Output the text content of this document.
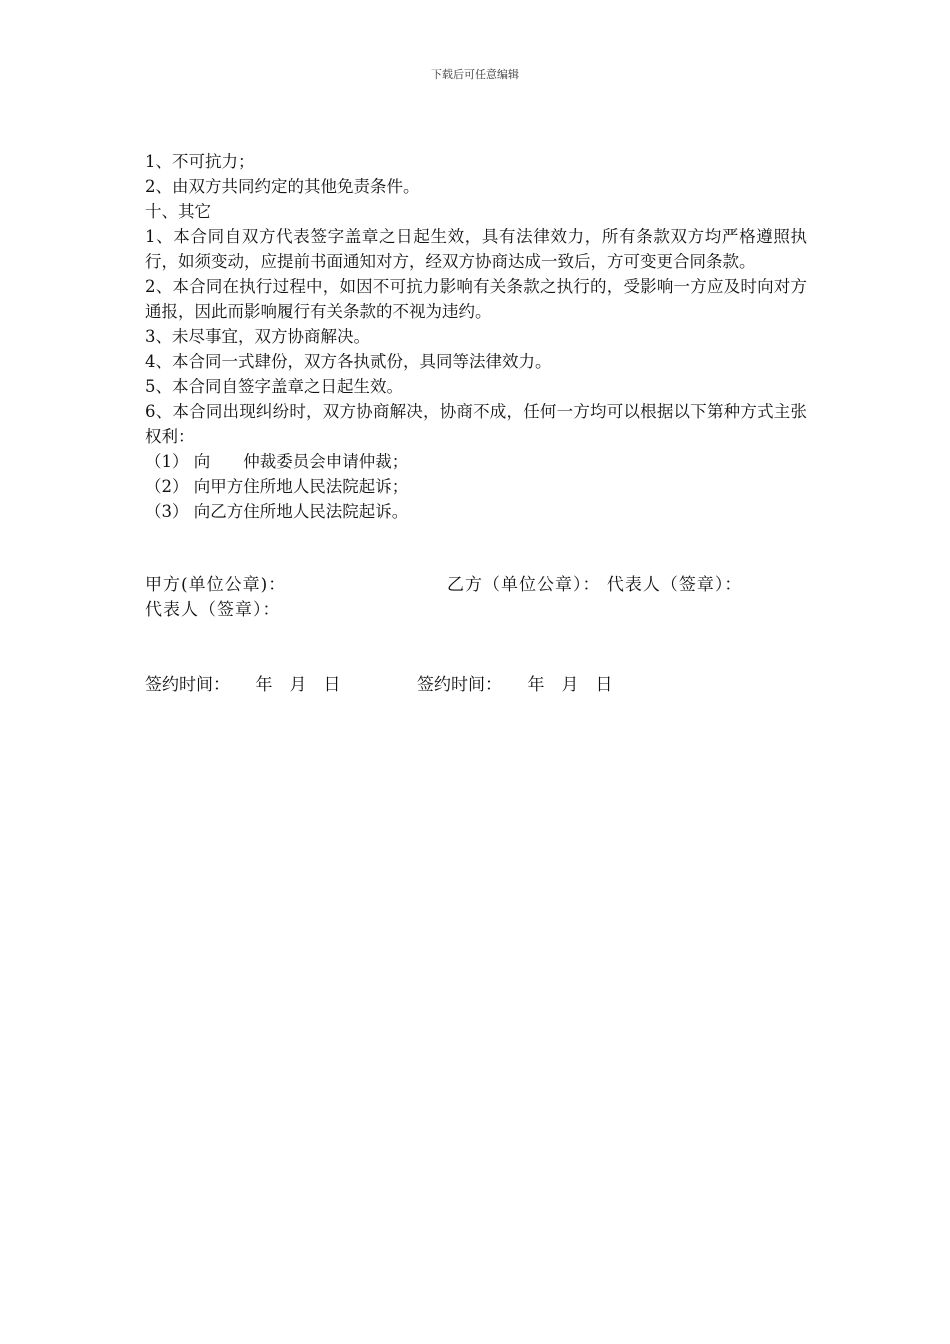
下载后可任意编辑

1、不可抗力；

2、由双方共同约定的其他免责条件。

十、其它

1、本合同自双方代表签字盖章之日起生效，具有法律效力，所有条款双方均严格遵照执行，如须变动，应提前书面通知对方，经双方协商达成一致后，方可变更合同条款。

2、本合同在执行过程中，如因不可抗力影响有关条款之执行的，受影响一方应及时向对方通报，因此而影响履行有关条款的不视为违约。

3、未尽事宜，双方协商解决。

4、本合同一式肆份，双方各执贰份，具同等法律效力。

5、本合同自签字盖章之日起生效。

6、本合同出现纠纷时，双方协商解决，协商不成，任何一方均可以根据以下第种方式主张权利：

（1） 向　　仲裁委员会申请仲裁；

（2） 向甲方住所地人民法院起诉；

（3） 向乙方住所地人民法院起诉。

甲方(单位公章)：	乙方（单位公章）： 代表人（签章）：
代表人（签章）：
签约时间：　　年　月　日	签约时间：　　年　月　日
